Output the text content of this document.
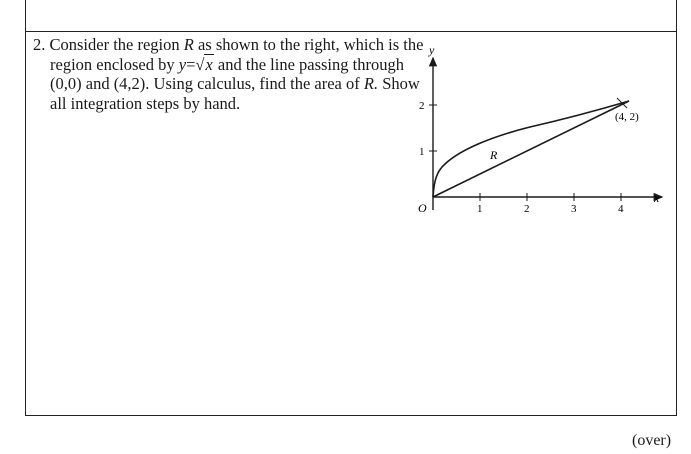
2. Consider the region R as shown to the right, which is the
region enclosed by y=√x and the line passing through
(0,0) and (4,2). Using calculus, find the area of R. Show
all integration steps by hand.
y
x
O	1	2	3	4
1
2
R
(4, 2)
(over)
